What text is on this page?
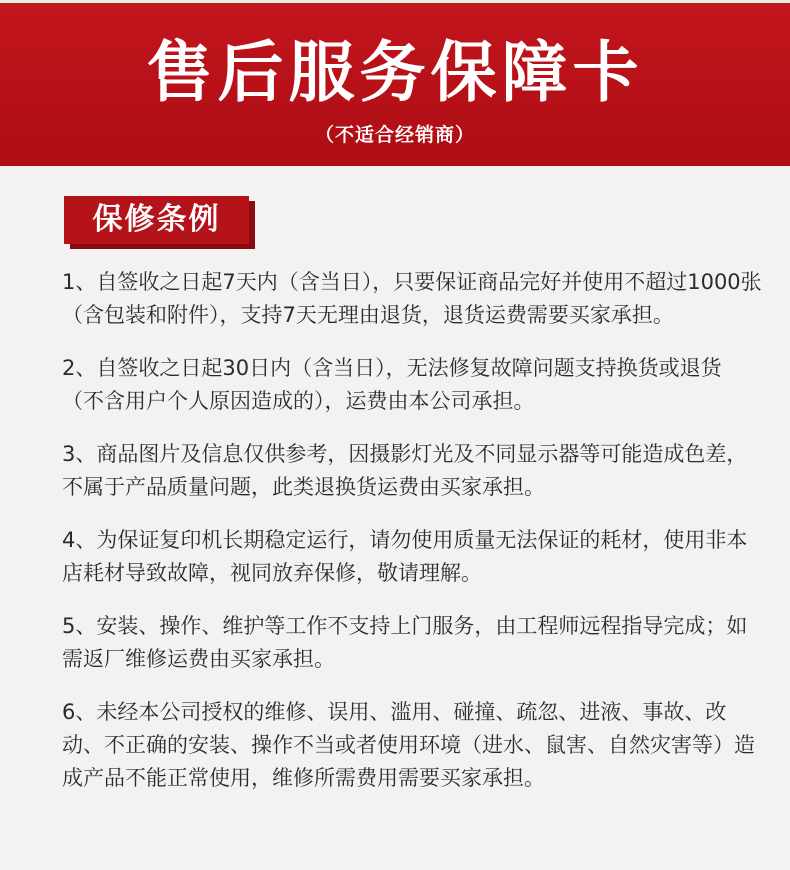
售后服务保障卡
（不适合经销商）
保修条例

1、自签收之日起7天内（含当日），只要保证商品完好并使用不超过1000张（含包装和附件），支持7天无理由退货，退货运费需要买家承担。

2、自签收之日起30日内（含当日），无法修复故障问题支持换货或退货（不含用户个人原因造成的），运费由本公司承担。

3、商品图片及信息仅供参考，因摄影灯光及不同显示器等可能造成色差，不属于产品质量问题，此类退换货运费由买家承担。

4、为保证复印机长期稳定运行，请勿使用质量无法保证的耗材，使用非本店耗材导致故障，视同放弃保修，敬请理解。

5、安装、操作、维护等工作不支持上门服务，由工程师远程指导完成；如需返厂维修运费由买家承担。

6、未经本公司授权的维修、误用、滥用、碰撞、疏忽、进液、事故、改动、不正确的安装、操作不当或者使用环境（进水、鼠害、自然灾害等）造成产品不能正常使用，维修所需费用需要买家承担。
